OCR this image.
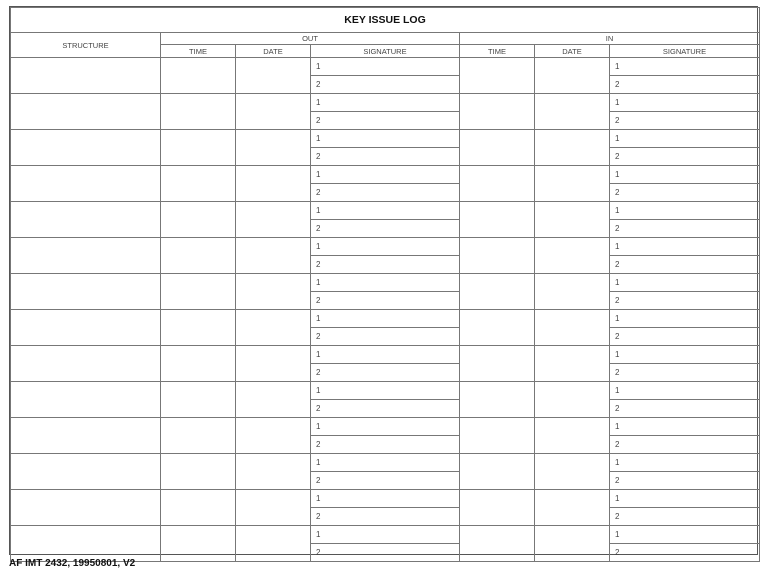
KEY ISSUE LOG						
STRUCTURE	OUT			IN		
	TIME	DATE	SIGNATURE	TIME	DATE	SIGNATURE
			1			1
			2			2
			1			1
			2			2
			1			1
			2			2
			1			1
			2			2
			1			1
			2			2
			1			1
			2			2
			1			1
			2			2
			1			1
			2			2
			1			1
			2			2
			1			1
			2			2
			1			1
			2			2
			1			1
			2			2
			1			1
			2			2
			1			1
			2			2
AF IMT 2432, 19950801, V2
